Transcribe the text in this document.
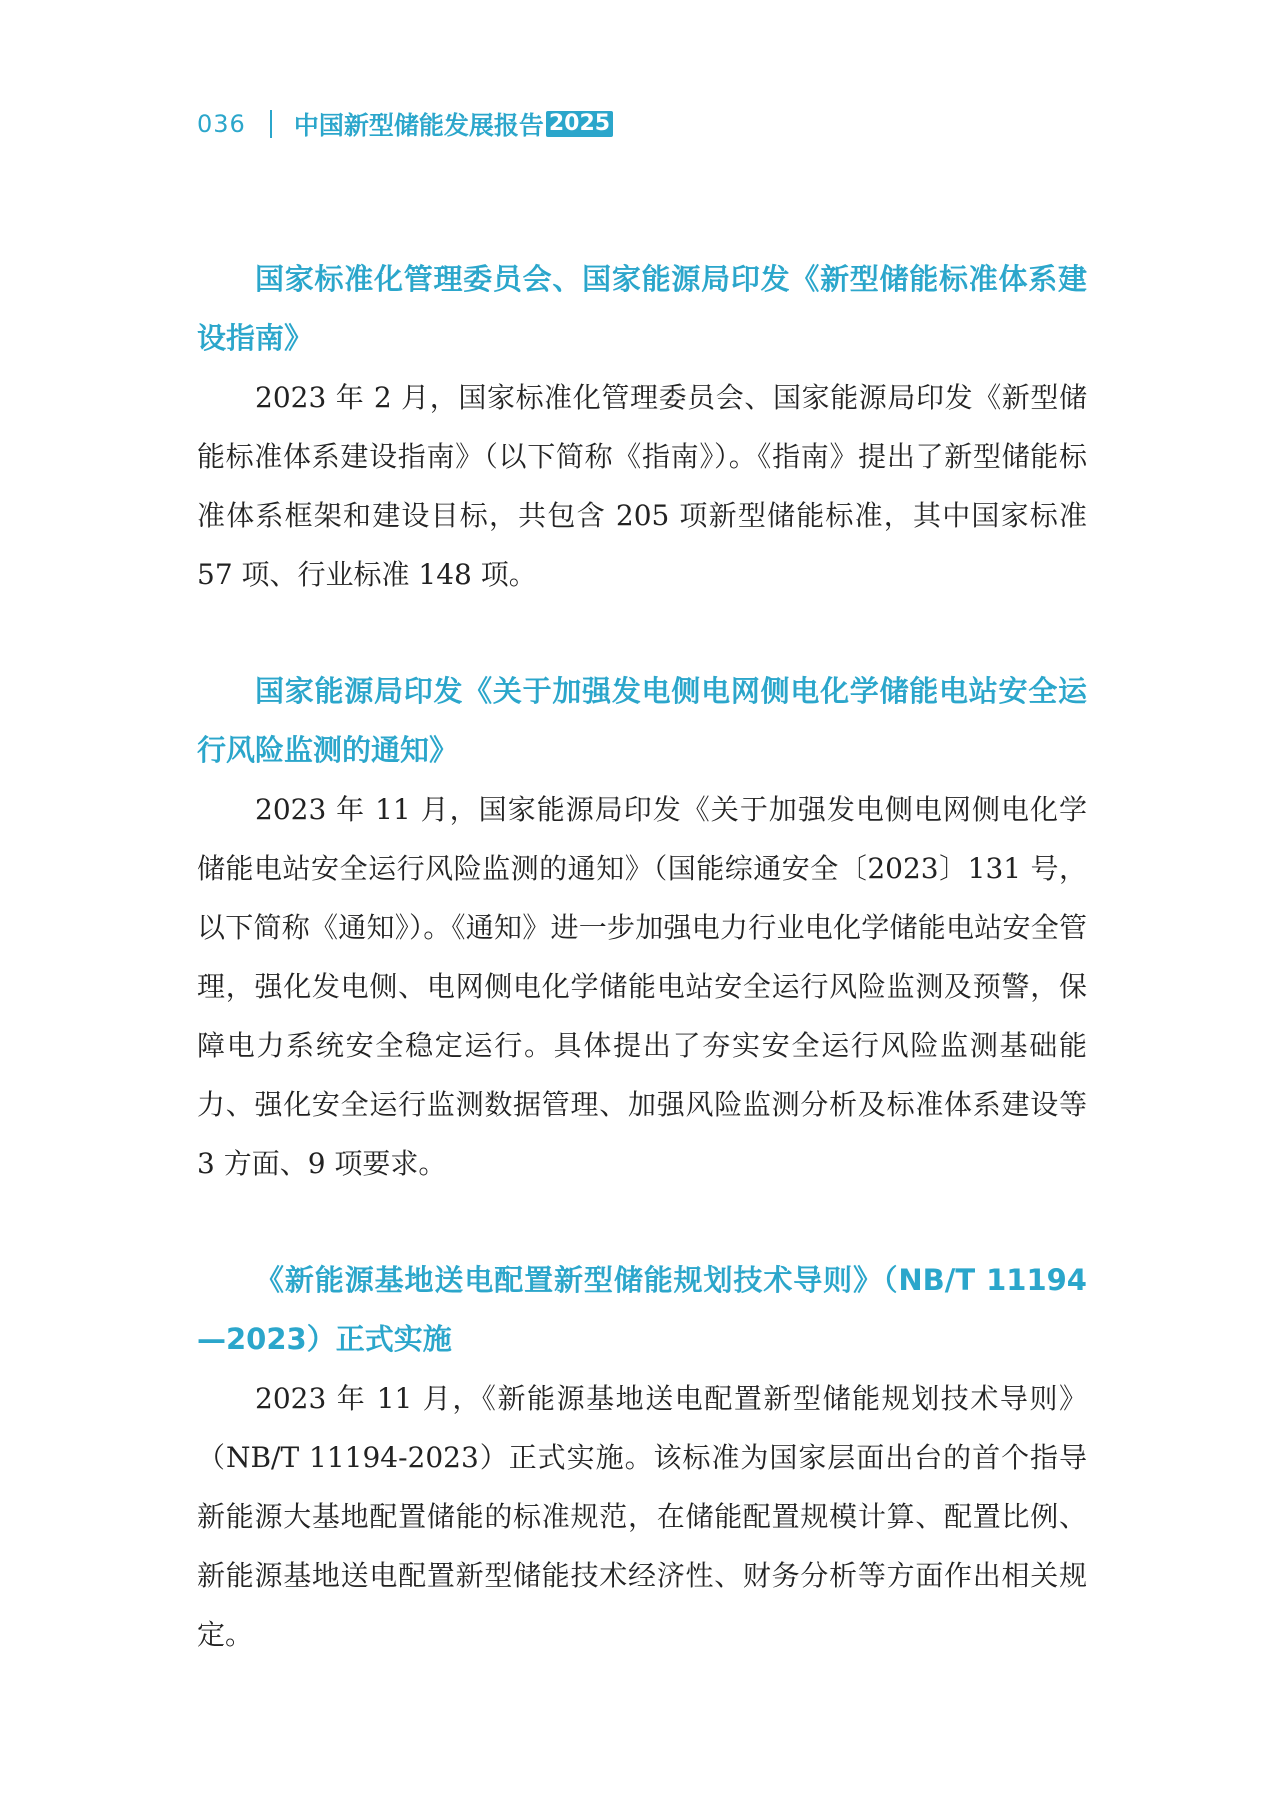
036 中国新型储能发展报告 2025
国家标准化管理委员会、国家能源局印发《新型储能标准体系建设指南》

2023 年 2 月，国家标准化管理委员会、国家能源局印发《新型储能标准体系建设指南》（以下简称《指南》）。《指南》提出了新型储能标准体系框架和建设目标，共包含 205 项新型储能标准，其中国家标准 57 项、行业标准 148 项。

国家能源局印发《关于加强发电侧电网侧电化学储能电站安全运行风险监测的通知》

2023 年 11 月，国家能源局印发《关于加强发电侧电网侧电化学储能电站安全运行风险监测的通知》（国能综通安全〔2023〕131 号，以下简称《通知》）。《通知》进一步加强电力行业电化学储能电站安全管理，强化发电侧、电网侧电化学储能电站安全运行风险监测及预警，保障电力系统安全稳定运行。具体提出了夯实安全运行风险监测基础能力、强化安全运行监测数据管理、加强风险监测分析及标准体系建设等 3 方面、9 项要求。

《新能源基地送电配置新型储能规划技术导则》（NB/T 11194—2023）正式实施

2023 年 11 月，《新能源基地送电配置新型储能规划技术导则》（NB/T 11194-2023）正式实施。该标准为国家层面出台的首个指导新能源大基地配置储能的标准规范，在储能配置规模计算、配置比例、新能源基地送电配置新型储能技术经济性、财务分析等方面作出相关规定。
